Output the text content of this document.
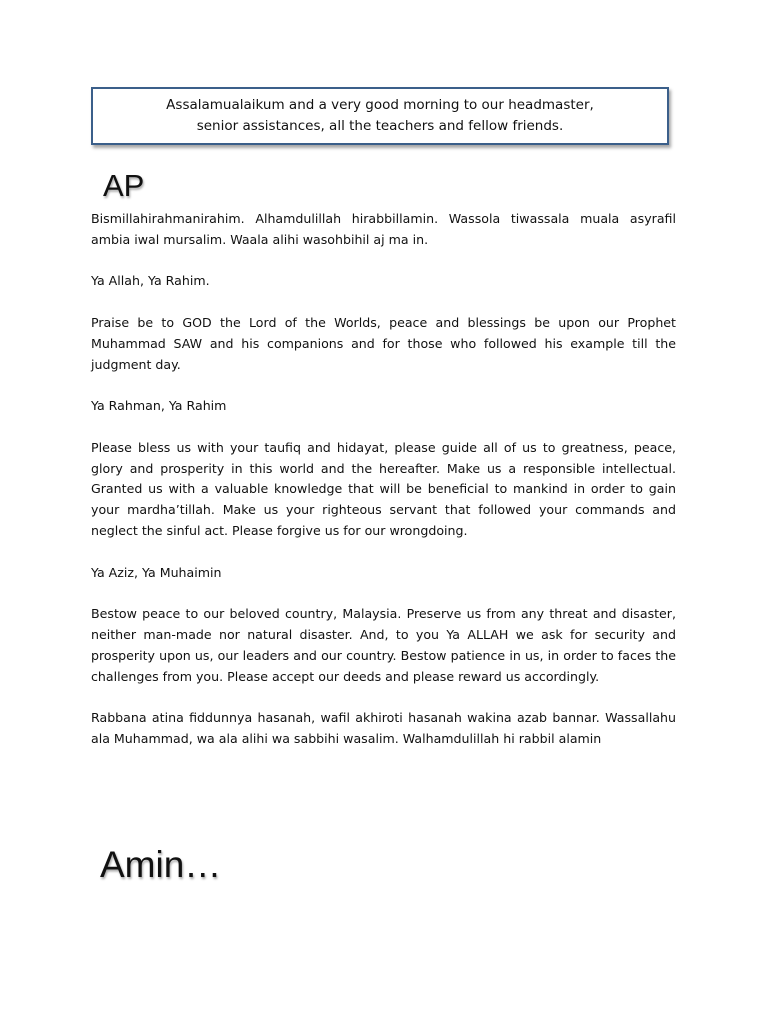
Assalamualaikum and a very good morning to our headmaster,
senior assistances, all the teachers and fellow friends.
AP

Bismillahirahmanirahim. Alhamdulillah hirabbillamin. Wassola tiwassala muala asyrafil ambia iwal mursalim. Waala alihi wasohbihil aj ma in.

Ya Allah, Ya Rahim.

Praise be to GOD the Lord of the Worlds, peace and blessings be upon our Prophet Muhammad SAW and his companions and for those who followed his example till the judgment day.

Ya Rahman, Ya Rahim

Please bless us with your taufiq and hidayat, please guide all of us to greatness, peace, glory and prosperity in this world and the hereafter. Make us a responsible intellectual. Granted us with a valuable knowledge that will be beneficial to mankind in order to gain your mardha’tillah. Make us your righteous servant that followed your commands and neglect the sinful act. Please forgive us for our wrongdoing.

Ya Aziz, Ya Muhaimin

Bestow peace to our beloved country, Malaysia. Preserve us from any threat and disaster, neither man-made nor natural disaster. And, to you Ya ALLAH we ask for security and prosperity upon us, our leaders and our country. Bestow patience in us, in order to faces the challenges from you. Please accept our deeds and please reward us accordingly.

Rabbana atina fiddunnya hasanah, wafil akhiroti hasanah wakina azab bannar. Wassallahu ala Muhammad, wa ala alihi wa sabbihi wasalim. Walhamdulillah hi rabbil alamin

Amin…
